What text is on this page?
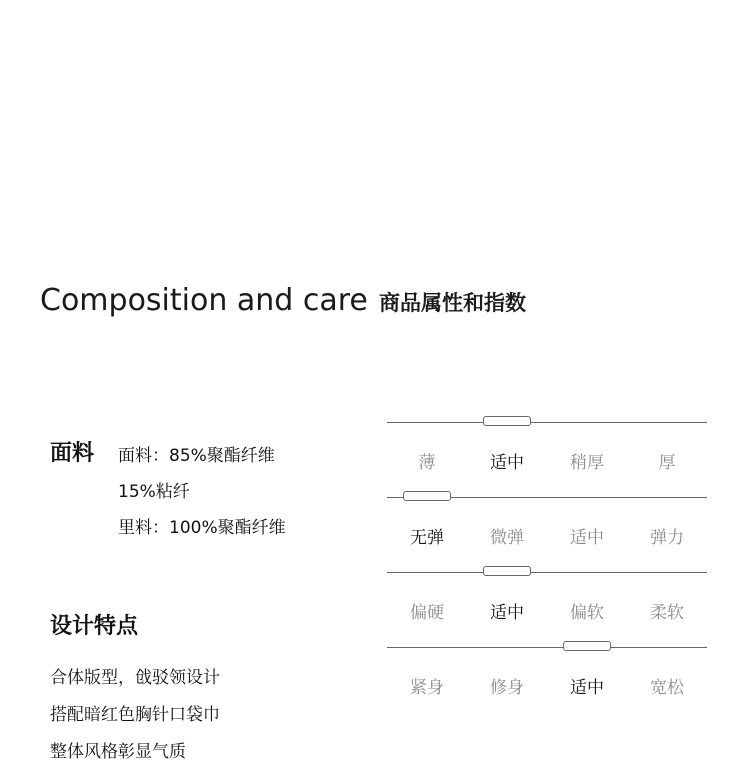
Composition and care 商品属性和指数
面料 面料：85%聚酯纤维
15%粘纤
里料：100%聚酯纤维
设计特点
合体版型，戗驳领设计
搭配暗红色胸针口袋巾
整体风格彰显气质
薄	适中	稍厚	厚
无弹	微弹	适中	弹力
偏硬	适中	偏软	柔软
紧身	修身	适中	宽松
